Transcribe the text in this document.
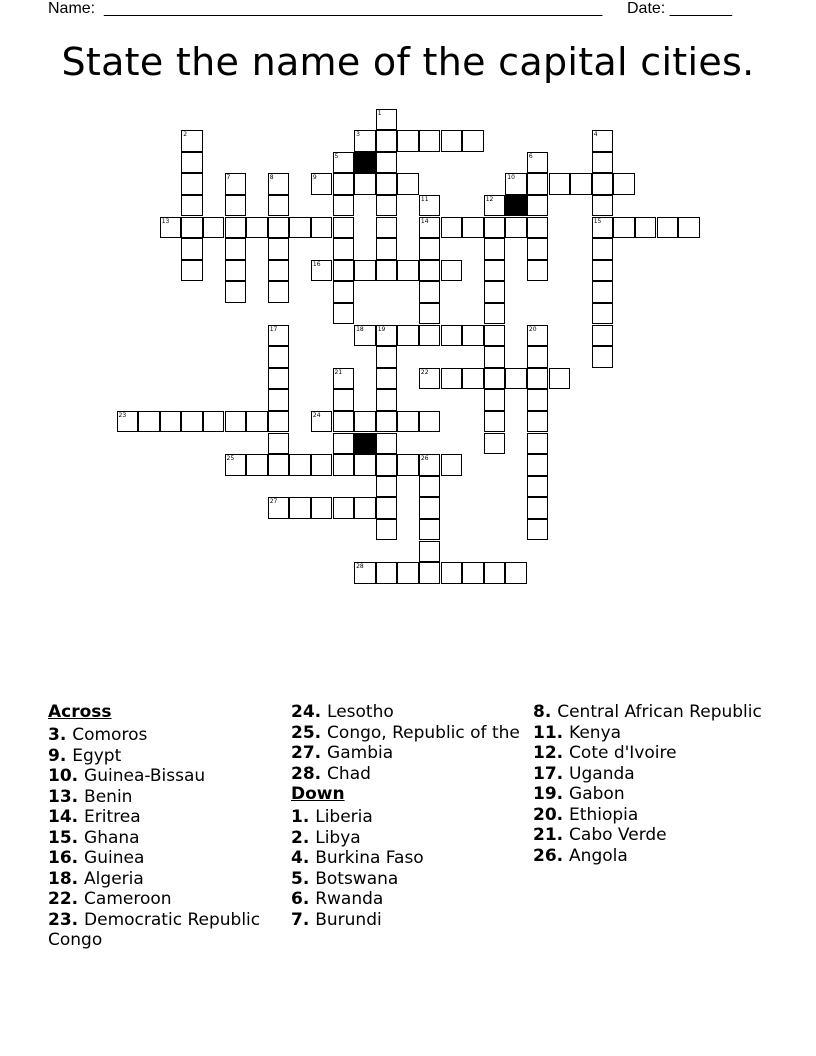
Name: ________________________________________________________ Date: _______
State the name of the capital cities.
1
2	3	4
15
5	6
7	8	9	10
11
14
12
13
16
17	18 19	20
21	22
23	24
25	26
27
28
Across
3. Comoros
9. Egypt
10. Guinea-Bissau
13. Benin
14. Eritrea
15. Ghana
16. Guinea
18. Algeria
22. Cameroon
23. Democratic Republic Congo
24. Lesotho
25. Congo, Republic of the
27. Gambia
28. Chad
Down
1. Liberia
2. Libya
4. Burkina Faso
5. Botswana
6. Rwanda
7. Burundi
8. Central African Republic
11. Kenya
12. Cote d'Ivoire
17. Uganda
19. Gabon
20. Ethiopia
21. Cabo Verde
26. Angola
